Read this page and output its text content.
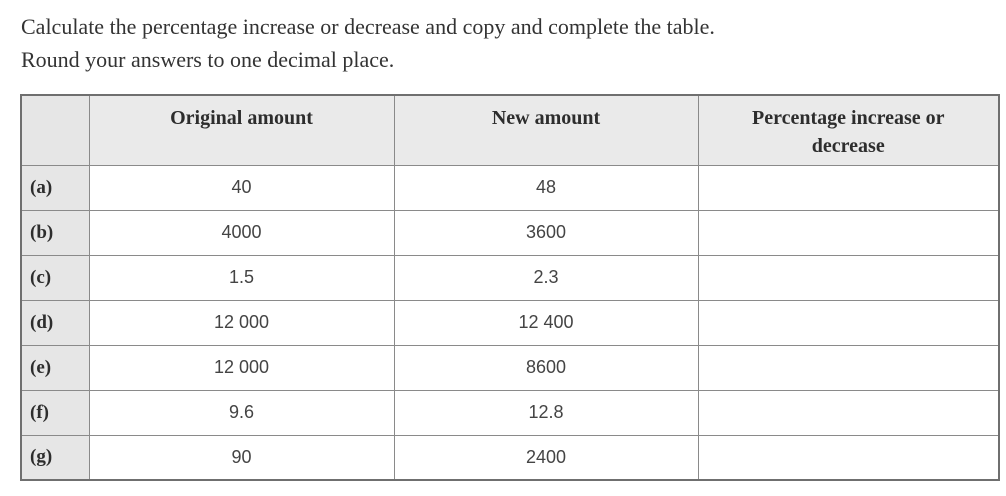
Calculate the percentage increase or decrease and copy and complete the table.
Round your answers to one decimal place.
	Original amount	New amount	Percentage increase or
decrease

(a)	40	48	
(b)	4000	3600	
(c)	1.5	2.3	
(d)	12 000	12 400	
(e)	12 000	8600	
(f)	9.6	12.8	
(g)	90	2400	
